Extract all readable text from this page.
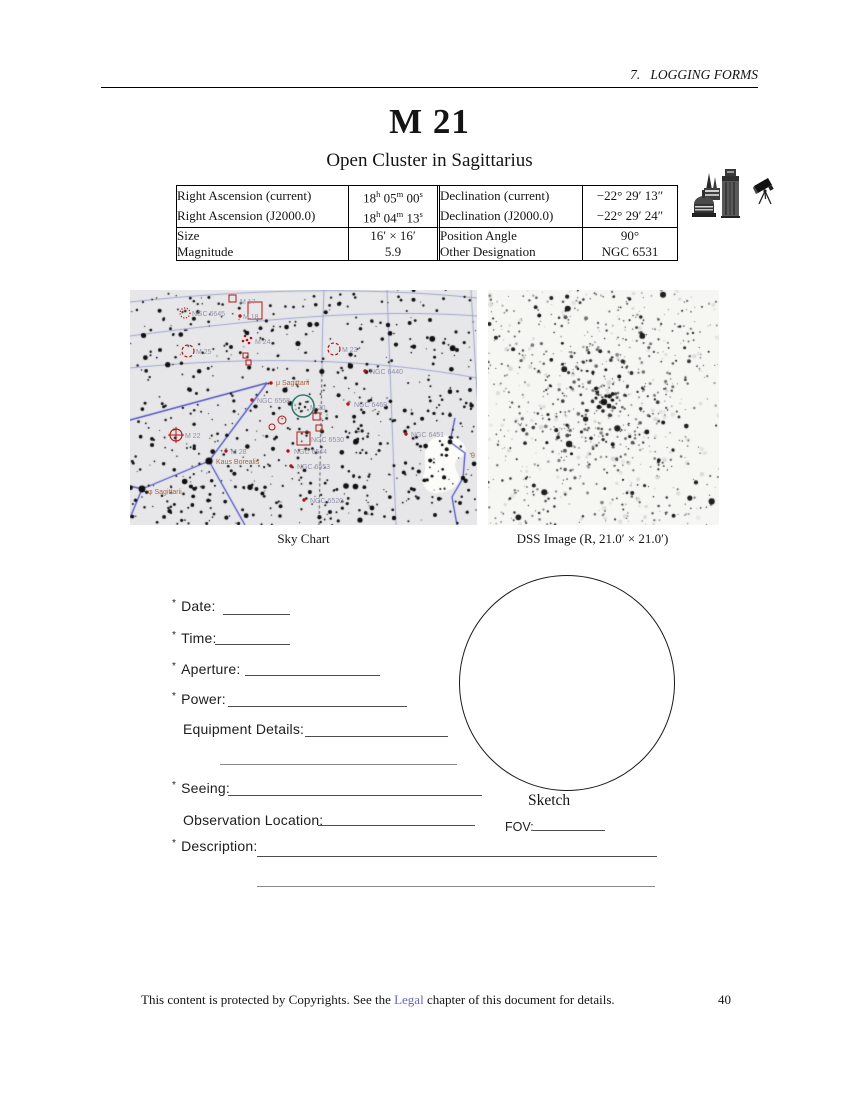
7.   LOGGING FORMS
M 21
Open Cluster in Sagittarius
Right Ascension (current)	18$^h$ 05$^m$ 00$^s$	Declination (current)	−22° 29′ 13″
Right Ascension (J2000.0)	18$^h$ 04$^m$ 13$^s$	Declination (J2000.0)	−22° 29′ 24″
Size	16′ × 16′	Position Angle	90°
Magnitude	5.9	Other Designation	NGC 6531
M 17
M 18
NGC 6645
M 25
M 24
M 23
NGC 6440
μ Sagittarii
NGC 6469
NGC 6568
M 20
NGC 6530
NGC 6544
NGC 6553
NGC 6520
M 22
M 28
Kaus Borealis
φ Sagittarii
NGC 6451
θ
Sky Chart	DSS Image (R, 21.0′ × 21.0′)
* Date:
* Time:
* Aperture:
* Power:
Equipment Details:
* Seeing:
Observation Location:
* Description:
Sketch
FOV:
This content is protected by Copyrights. See the Legal chapter of this document for details.	40
